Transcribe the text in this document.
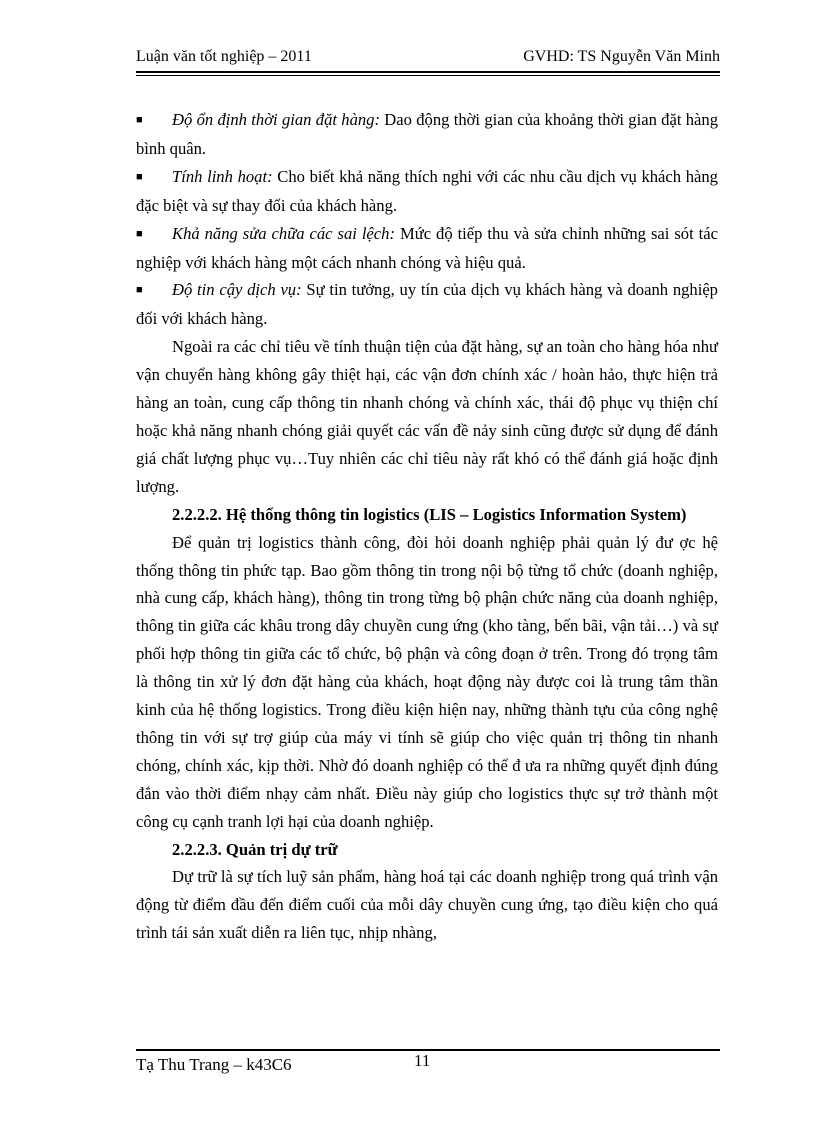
Luận văn tốt nghiệp – 2011	GVHD: TS Nguyễn Văn Minh

■ Độ ổn định thời gian đặt hàng: Dao động thời gian của khoảng thời gian đặt hàng bình quân.

■ Tính linh hoạt: Cho biết khả năng thích nghi với các nhu cầu dịch vụ khách hàng đặc biệt và sự thay đổi của khách hàng.

■ Khả năng sửa chữa các sai lệch: Mức độ tiếp thu và sửa chỉnh những sai sót tác nghiệp với khách hàng một cách nhanh chóng và hiệu quả.

■ Độ tin cậy dịch vụ: Sự tin tưởng, uy tín của dịch vụ khách hàng và doanh nghiệp đối với khách hàng.

Ngoài ra các chỉ tiêu về tính thuận tiện của đặt hàng, sự an toàn cho hàng hóa như vận chuyển hàng không gây thiệt hại, các vận đơn chính xác / hoàn hảo, thực hiện trả hàng an toàn, cung cấp thông tin nhanh chóng và chính xác, thái độ phục vụ thiện chí hoặc khả năng nhanh chóng giải quyết các vấn đề nảy sinh cũng được sử dụng để đánh giá chất lượng phục vụ…Tuy nhiên các chỉ tiêu này rất khó có thể đánh giá hoặc định lượng.

2.2.2.2. Hệ thống thông tin logistics (LIS – Logistics Information System)

Để quản trị logistics thành công, đòi hỏi doanh nghiệp phải quản lý đư ợc hệ thống thông tin phức tạp. Bao gồm thông tin trong nội bộ từng tổ chức (doanh nghiệp, nhà cung cấp, khách hàng), thông tin trong từng bộ phận chức năng của doanh nghiệp, thông tin giữa các khâu trong dây chuyền cung ứng (kho tàng, bến bãi, vận tải…) và sự phối hợp thông tin giữa các tổ chức, bộ phận và công đoạn ở trên. Trong đó trọng tâm là thông tin xử lý đơn đặt hàng của khách, hoạt động này được coi là trung tâm thần kinh của hệ thống logistics. Trong điều kiện hiện nay, những thành tựu của công nghệ thông tin với sự trợ giúp của máy vi tính sẽ giúp cho việc quản trị thông tin nhanh chóng, chính xác, kịp thời. Nhờ đó doanh nghiệp có thể đ ưa ra những quyết định đúng đắn vào thời điểm nhạy cảm nhất. Điều này giúp cho logistics thực sự trở thành một công cụ cạnh tranh lợi hại của doanh nghiệp.

2.2.2.3. Quản trị dự trữ

Dự trữ là sự tích luỹ sản phẩm, hàng hoá tại các doanh nghiệp trong quá trình vận động từ điểm đầu đến điểm cuối của mỗi dây chuyền cung ứng, tạo điều kiện cho quá trình tái sản xuất diễn ra liên tục, nhịp nhàng,

Tạ Thu Trang – k43C6	11
